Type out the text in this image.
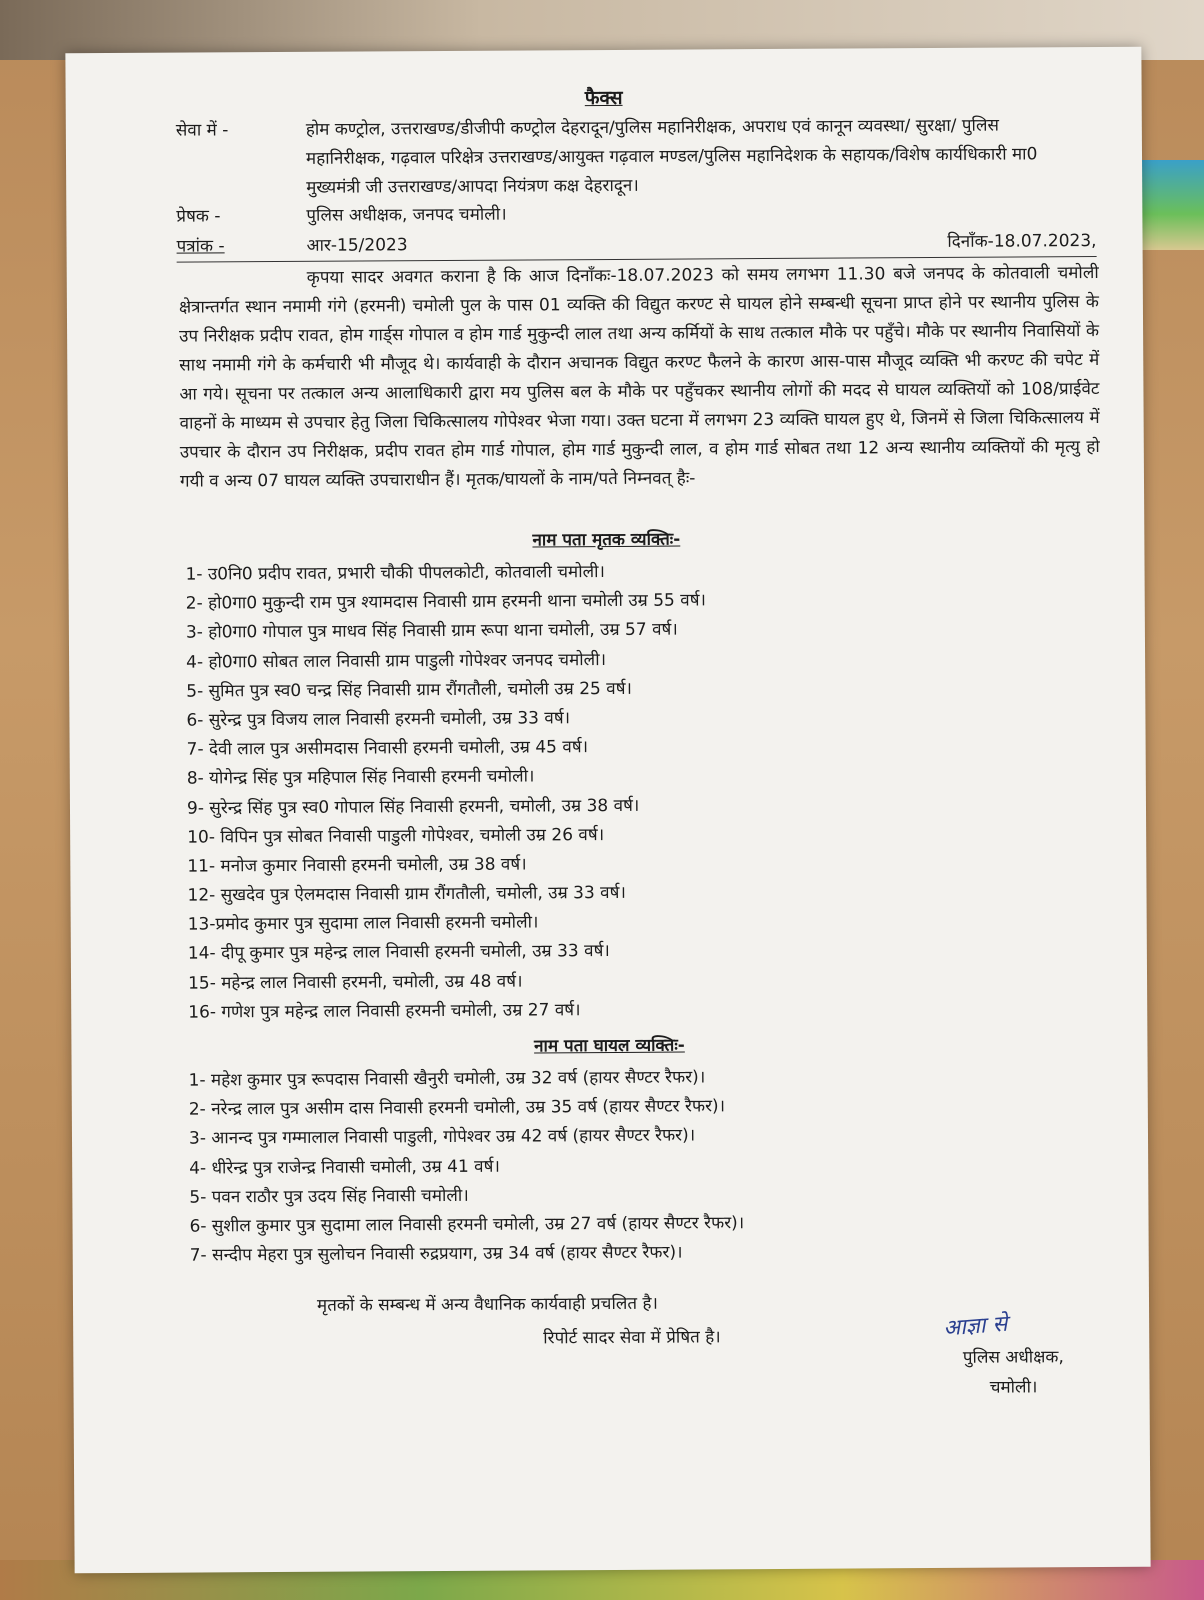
फैक्स
सेवा में -	होम कण्ट्रोल, उत्तराखण्ड/डीजीपी कण्ट्रोल देहरादून/पुलिस महानिरीक्षक, अपराध एवं कानून व्यवस्था/ सुरक्षा/ पुलिस महानिरीक्षक, गढ़वाल परिक्षेत्र उत्तराखण्ड/आयुक्त गढ़वाल मण्डल/पुलिस महानिदेशक के सहायक/विशेष कार्यधिकारी मा0 मुख्यमंत्री जी उत्तराखण्ड/आपदा नियंत्रण कक्ष देहरादून।
प्रेषक -	पुलिस अधीक्षक, जनपद चमोली।
पत्रांक -	आर-15/2023	दिनाँक-18.07.2023,
कृपया सादर अवगत कराना है कि आज दिनाँकः-18.07.2023 को समय लगभग 11.30 बजे जनपद के कोतवाली चमोली क्षेत्रान्तर्गत स्थान नमामी गंगे (हरमनी) चमोली पुल के पास 01 व्यक्ति की विद्युत करण्ट से घायल होने सम्बन्धी सूचना प्राप्त होने पर स्थानीय पुलिस के उप निरीक्षक प्रदीप रावत, होम गार्ड्स गोपाल व होम गार्ड मुकुन्दी लाल तथा अन्य कर्मियों के साथ तत्काल मौके पर पहुँचे। मौके पर स्थानीय निवासियों के साथ नमामी गंगे के कर्मचारी भी मौजूद थे। कार्यवाही के दौरान अचानक विद्युत करण्ट फैलने के कारण आस-पास मौजूद व्यक्ति भी करण्ट की चपेट में आ गये। सूचना पर तत्काल अन्य आलाधिकारी द्वारा मय पुलिस बल के मौके पर पहुँचकर स्थानीय लोगों की मदद से घायल व्यक्तियों को 108/प्राईवेट वाहनों के माध्यम से उपचार हेतु जिला चिकित्सालय गोपेश्वर भेजा गया। उक्त घटना में लगभग 23 व्यक्ति घायल हुए थे, जिनमें से जिला चिकित्सालय में उपचार के दौरान उप निरीक्षक, प्रदीप रावत होम गार्ड गोपाल, होम गार्ड मुकुन्दी लाल, व होम गार्ड सोबत तथा 12 अन्य स्थानीय व्यक्तियों की मृत्यु हो गयी व अन्य 07 घायल व्यक्ति उपचाराधीन हैं। मृतक/घायलों के नाम/पते निम्नवत् हैः-
नाम पता मृतक व्यक्तिः-
1- उ0नि0 प्रदीप रावत, प्रभारी चौकी पीपलकोटी, कोतवाली चमोली।
2- हो0गा0 मुकुन्दी राम पुत्र श्यामदास निवासी ग्राम हरमनी थाना चमोली उम्र 55 वर्ष।
3- हो0गा0 गोपाल पुत्र माधव सिंह निवासी ग्राम रूपा थाना चमोली, उम्र 57 वर्ष।
4- हो0गा0 सोबत लाल निवासी ग्राम पाडुली गोपेश्वर जनपद चमोली।
5- सुमित पुत्र स्व0 चन्द्र सिंह निवासी ग्राम रौंगतौली, चमोली उम्र 25 वर्ष।
6- सुरेन्द्र पुत्र विजय लाल निवासी हरमनी चमोली, उम्र 33 वर्ष।
7- देवी लाल पुत्र असीमदास निवासी हरमनी चमोली, उम्र 45 वर्ष।
8- योगेन्द्र सिंह पुत्र महिपाल सिंह निवासी हरमनी चमोली।
9- सुरेन्द्र सिंह पुत्र स्व0 गोपाल सिंह निवासी हरमनी, चमोली, उम्र 38 वर्ष।
10- विपिन पुत्र सोबत निवासी पाडुली गोपेश्वर, चमोली उम्र 26 वर्ष।
11- मनोज कुमार निवासी हरमनी चमोली, उम्र 38 वर्ष।
12- सुखदेव पुत्र ऐलमदास निवासी ग्राम रौंगतौली, चमोली, उम्र 33 वर्ष।
13-प्रमोद कुमार पुत्र सुदामा लाल निवासी हरमनी चमोली।
14- दीपू कुमार पुत्र महेन्द्र लाल निवासी हरमनी चमोली, उम्र 33 वर्ष।
15- महेन्द्र लाल निवासी हरमनी, चमोली, उम्र 48 वर्ष।
16- गणेश पुत्र महेन्द्र लाल निवासी हरमनी चमोली, उम्र 27 वर्ष।
नाम पता घायल व्यक्तिः-
1- महेश कुमार पुत्र रूपदास निवासी खैनुरी चमोली, उम्र 32 वर्ष (हायर सैण्टर रैफर)।
2- नरेन्द्र लाल पुत्र असीम दास निवासी हरमनी चमोली, उम्र 35 वर्ष (हायर सैण्टर रैफर)।
3- आनन्द पुत्र गम्मालाल निवासी पाडुली, गोपेश्वर उम्र 42 वर्ष (हायर सैण्टर रैफर)।
4- धीरेन्द्र पुत्र राजेन्द्र निवासी चमोली, उम्र 41 वर्ष।
5- पवन राठौर पुत्र उदय सिंह निवासी चमोली।
6- सुशील कुमार पुत्र सुदामा लाल निवासी हरमनी चमोली, उम्र 27 वर्ष (हायर सैण्टर रैफर)।
7- सन्दीप मेहरा पुत्र सुलोचन निवासी रुद्रप्रयाग, उम्र 34 वर्ष (हायर सैण्टर रैफर)।
मृतकों के सम्बन्ध में अन्य वैधानिक कार्यवाही प्रचलित है।
रिपोर्ट सादर सेवा में प्रेषित है।	आज्ञा से
पुलिस अधीक्षक,
चमोली।
